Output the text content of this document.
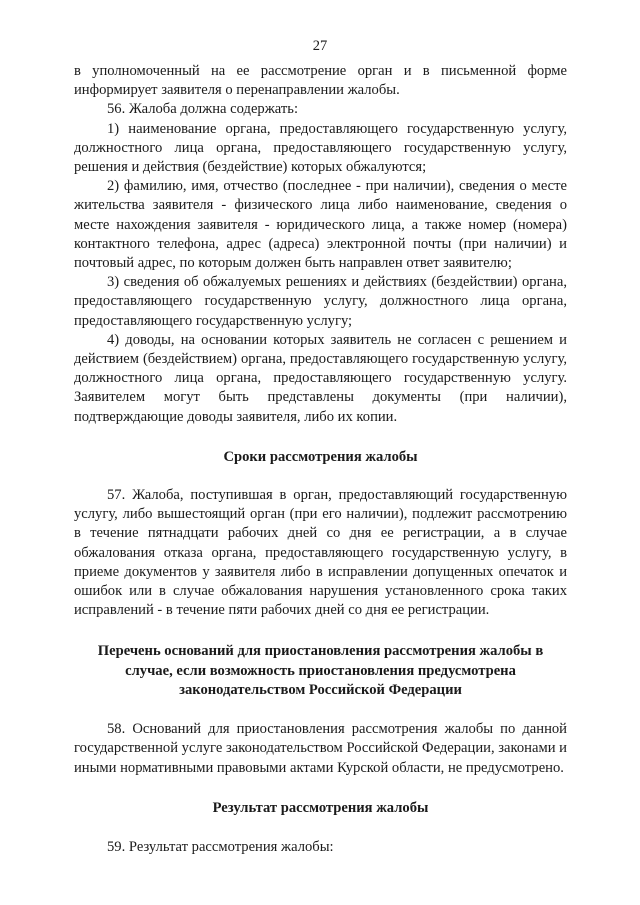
27

в уполномоченный на ее рассмотрение орган и в письменной форме информирует заявителя о перенаправлении жалобы.

56. Жалоба должна содержать:

1) наименование органа, предоставляющего государственную услугу, должностного лица органа, предоставляющего государственную услугу, решения и действия (бездействие) которых обжалуются;

2) фамилию, имя, отчество (последнее - при наличии), сведения о месте жительства заявителя - физического лица либо наименование, сведения о месте нахождения заявителя - юридического лица, а также номер (номера) контактного телефона, адрес (адреса) электронной почты (при наличии) и почтовый адрес, по которым должен быть направлен ответ заявителю;

3) сведения об обжалуемых решениях и действиях (бездействии) органа, предоставляющего государственную услугу, должностного лица органа, предоставляющего государственную услугу;

4) доводы, на основании которых заявитель не согласен с решением и действием (бездействием) органа, предоставляющего государственную услугу, должностного лица органа, предоставляющего государственную услугу. Заявителем могут быть представлены документы (при наличии), подтверждающие доводы заявителя, либо их копии.

Сроки рассмотрения жалобы

57. Жалоба, поступившая в орган, предоставляющий государственную услугу, либо вышестоящий орган (при его наличии), подлежит рассмотрению в течение пятнадцати рабочих дней со дня ее регистрации, а в случае обжалования отказа органа, предоставляющего государственную услугу, в приеме документов у заявителя либо в исправлении допущенных опечаток и ошибок или в случае обжалования нарушения установленного срока таких исправлений - в течение пяти рабочих дней со дня ее регистрации.

Перечень оснований для приостановления рассмотрения жалобы в

случае, если возможность приостановления предусмотрена

законодательством Российской Федерации

58. Оснований для приостановления рассмотрения жалобы по данной государственной услуге законодательством Российской Федерации, законами и иными нормативными правовыми актами Курской области, не предусмотрено.

Результат рассмотрения жалобы

59. Результат рассмотрения жалобы:
